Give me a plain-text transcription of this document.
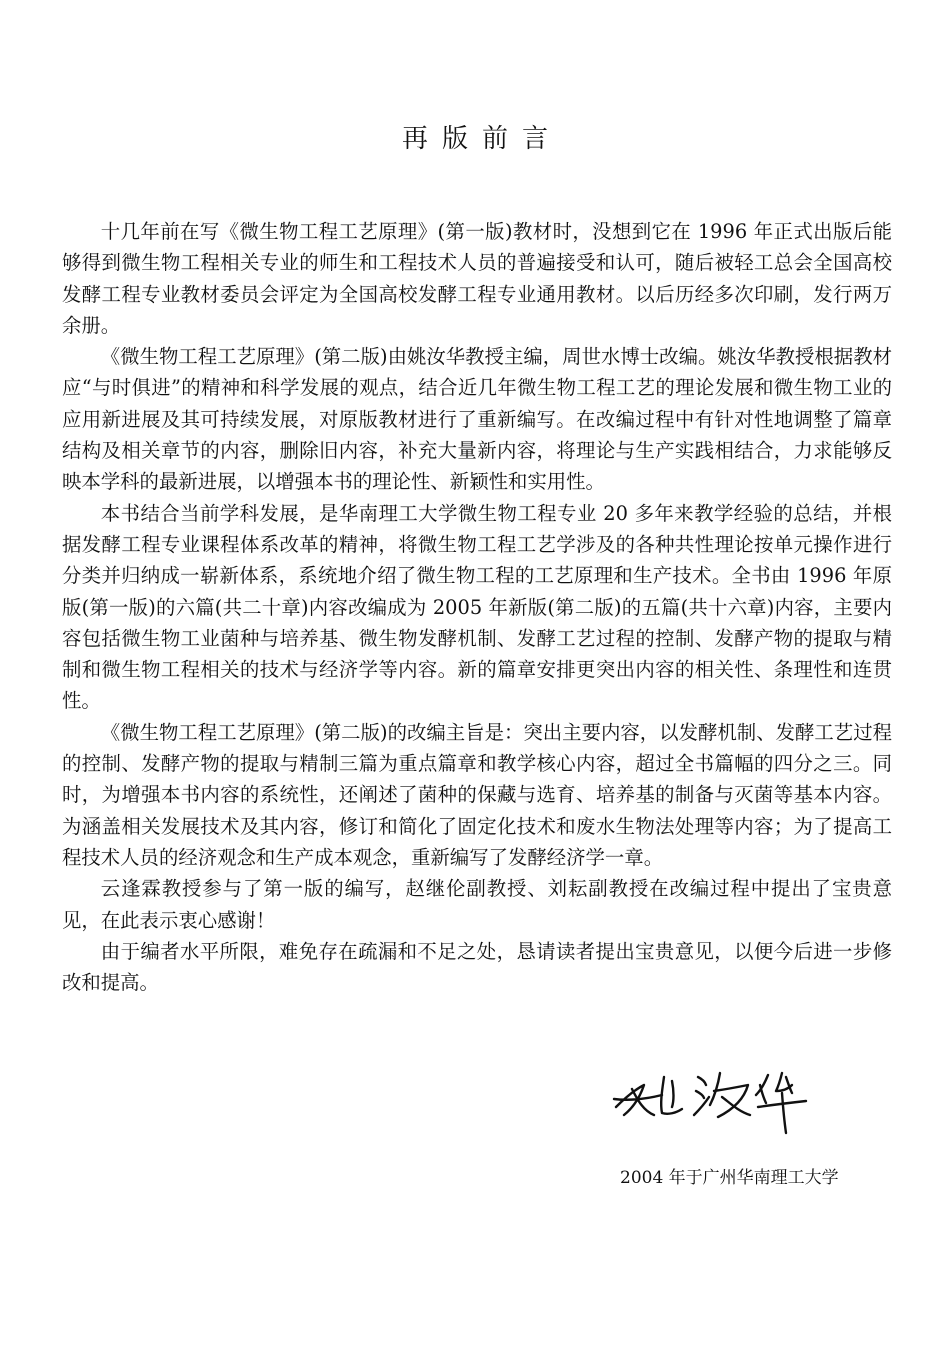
再版前言

十几年前在写《微生物工程工艺原理》(第一版)教材时，没想到它在 1996 年正式出版后能够得到微生物工程相关专业的师生和工程技术人员的普遍接受和认可，随后被轻工总会全国高校发酵工程专业教材委员会评定为全国高校发酵工程专业通用教材。以后历经多次印刷，发行两万余册。

《微生物工程工艺原理》(第二版)由姚汝华教授主编，周世水博士改编。姚汝华教授根据教材应“与时俱进”的精神和科学发展的观点，结合近几年微生物工程工艺的理论发展和微生物工业的应用新进展及其可持续发展，对原版教材进行了重新编写。在改编过程中有针对性地调整了篇章结构及相关章节的内容，删除旧内容，补充大量新内容，将理论与生产实践相结合，力求能够反映本学科的最新进展，以增强本书的理论性、新颖性和实用性。

本书结合当前学科发展，是华南理工大学微生物工程专业 20 多年来教学经验的总结，并根据发酵工程专业课程体系改革的精神，将微生物工程工艺学涉及的各种共性理论按单元操作进行分类并归纳成一崭新体系，系统地介绍了微生物工程的工艺原理和生产技术。全书由 1996 年原版(第一版)的六篇(共二十章)内容改编成为 2005 年新版(第二版)的五篇(共十六章)内容，主要内容包括微生物工业菌种与培养基、微生物发酵机制、发酵工艺过程的控制、发酵产物的提取与精制和微生物工程相关的技术与经济学等内容。新的篇章安排更突出内容的相关性、条理性和连贯性。

《微生物工程工艺原理》(第二版)的改编主旨是：突出主要内容，以发酵机制、发酵工艺过程的控制、发酵产物的提取与精制三篇为重点篇章和教学核心内容，超过全书篇幅的四分之三。同时，为增强本书内容的系统性，还阐述了菌种的保藏与选育、培养基的制备与灭菌等基本内容。为涵盖相关发展技术及其内容，修订和简化了固定化技术和废水生物法处理等内容；为了提高工程技术人员的经济观念和生产成本观念，重新编写了发酵经济学一章。

云逢霖教授参与了第一版的编写，赵继伦副教授、刘耘副教授在改编过程中提出了宝贵意见，在此表示衷心感谢！

由于编者水平所限，难免存在疏漏和不足之处，恳请读者提出宝贵意见，以便今后进一步修改和提高。

2004 年于广州华南理工大学
